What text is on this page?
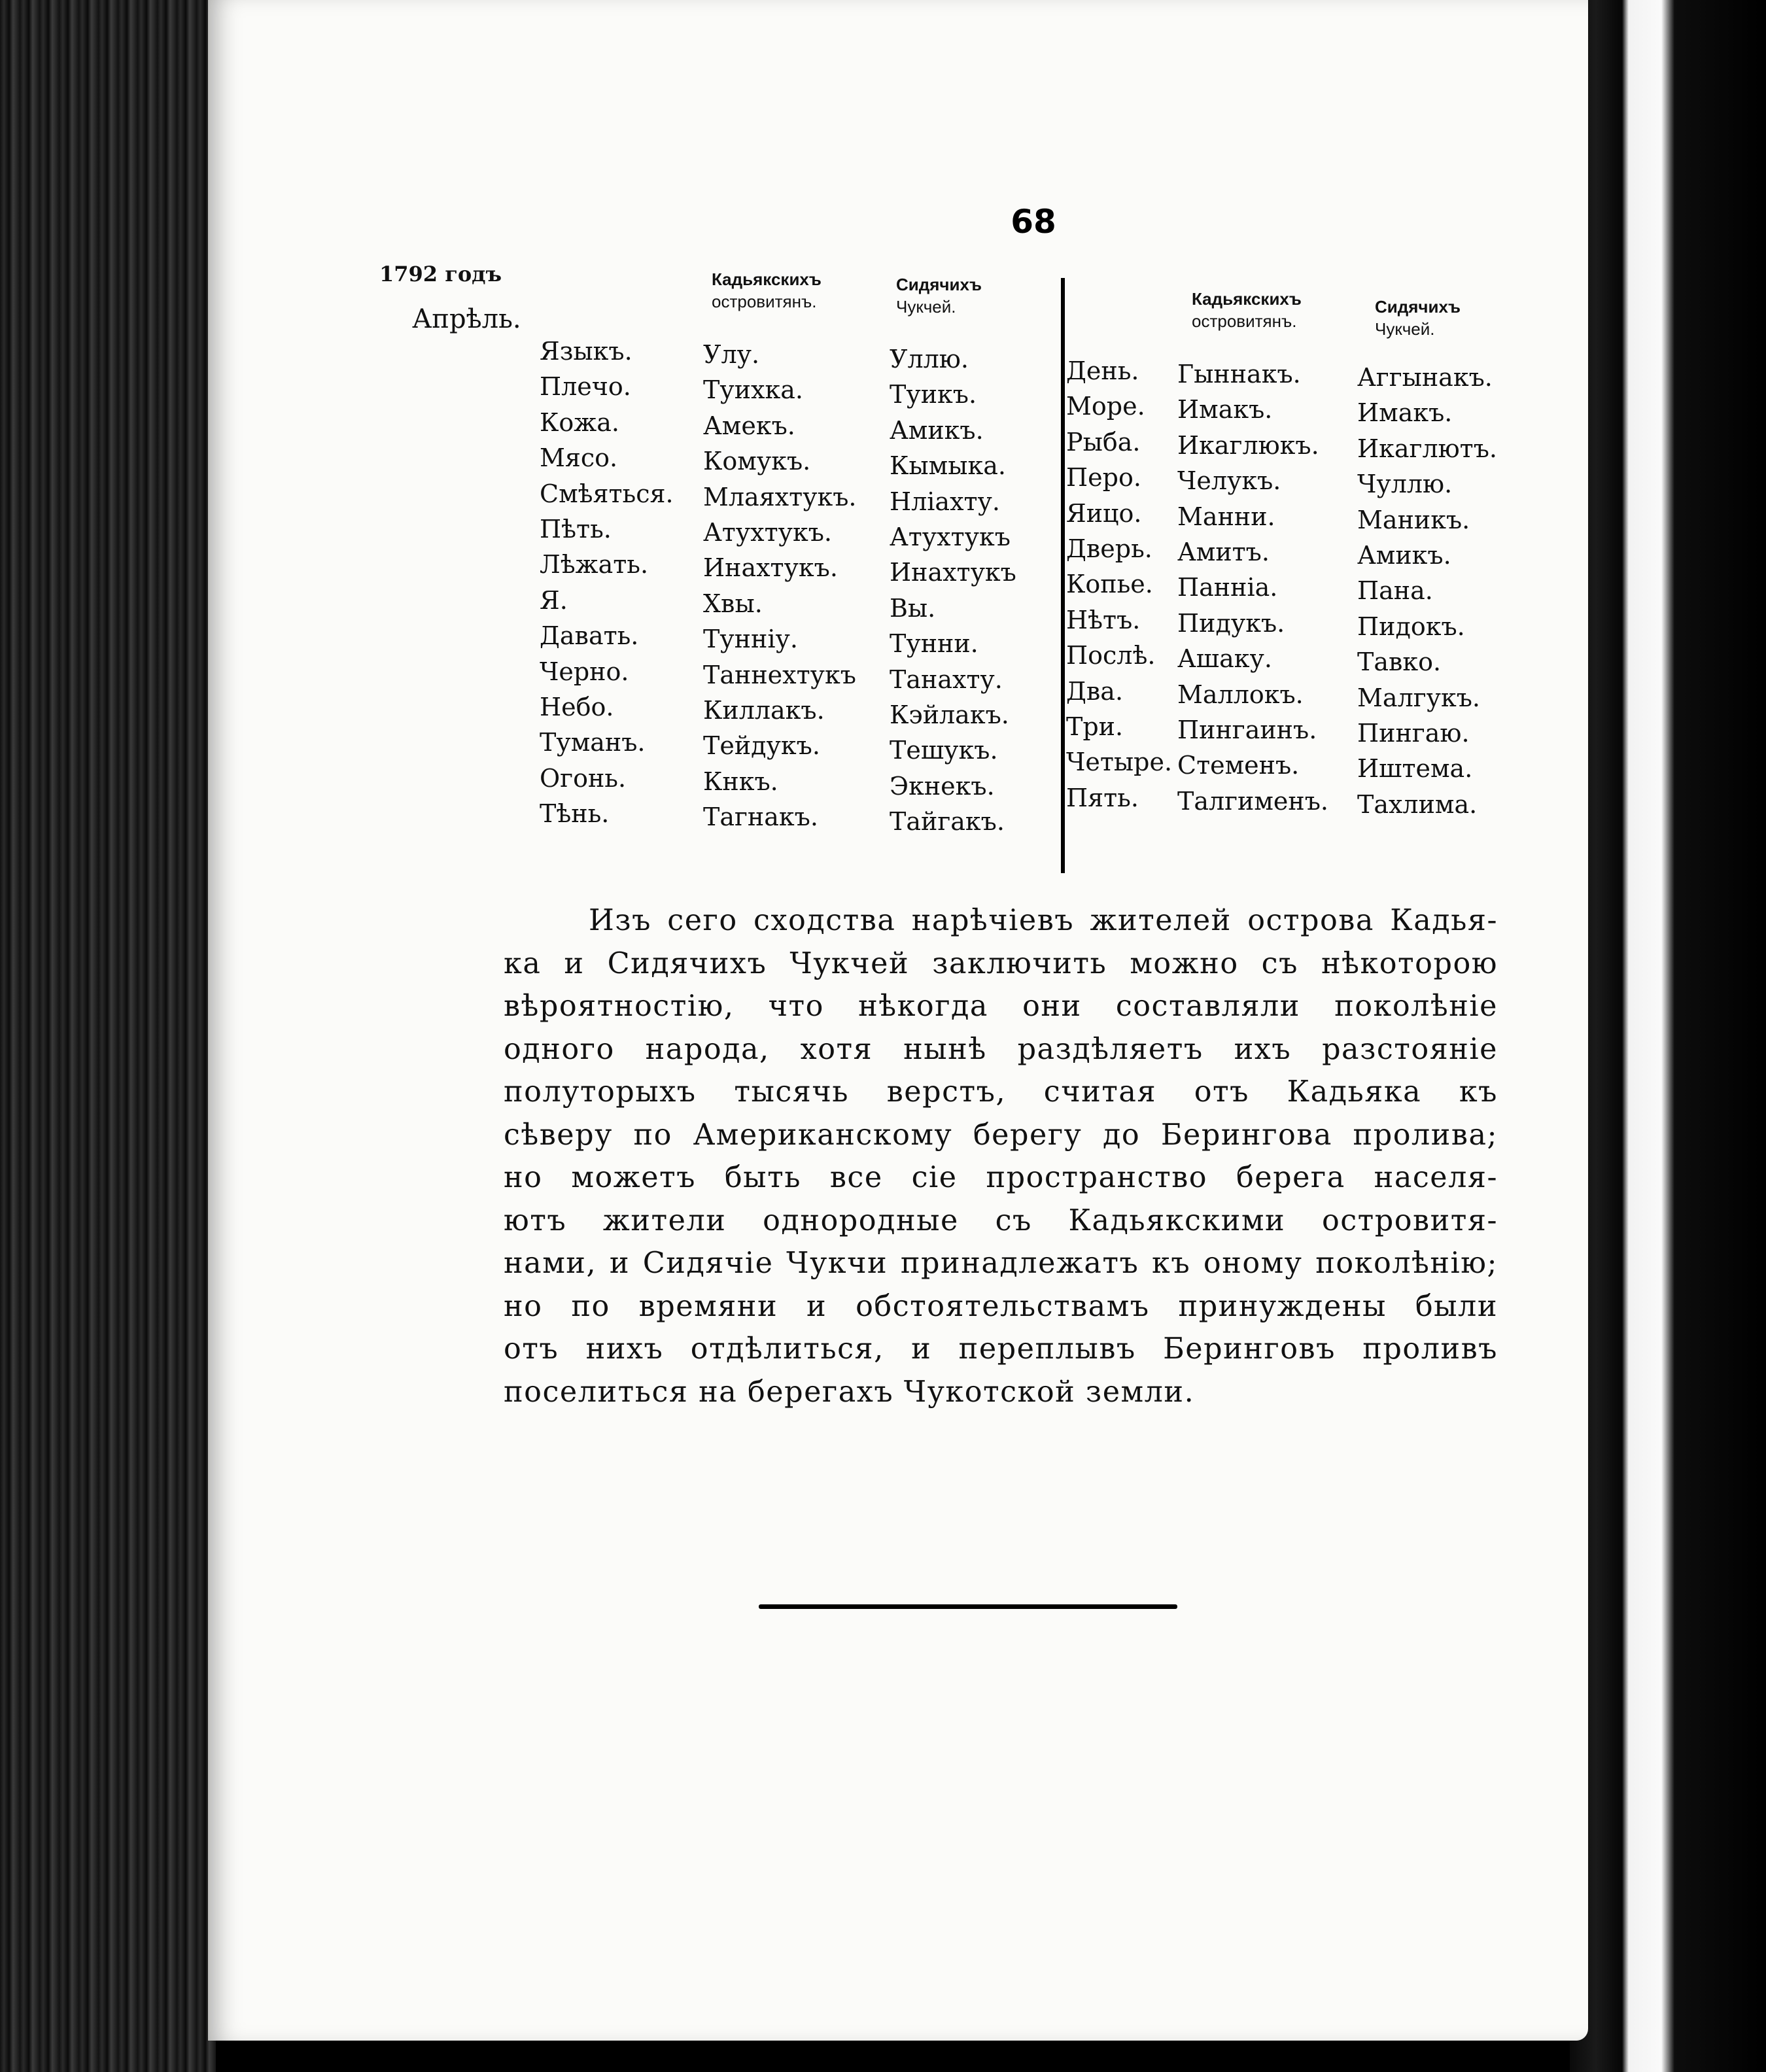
68
1792 годъ
Апрѣль.
Кадьякскихъ
остpовитянъ.
Сидячихъ
Чукчей.	Кадьякскихъ
остpовитянъ.
Сидячихъ
Чукчей.
Языкъ.
Плечо.
Кожа.
Мясо.
Смѣяться.
Пѣть.
Лѣжать.
Я.
Давать.
Черно.
Небо.
Туманъ.
Огонь.
Тѣнь.
Улу.
Туихка.
Амекъ.
Комукъ.
Млаяхтукъ.
Атухтукъ.
Инахтукъ.
Хвы.
Тунніу.
Таннехтукъ
Киллакъ.
Тейдукъ.
Кнкъ.
Тагнакъ.
Уллю.
Туикъ.
Амикъ.
Кымыка.
Нліахту.
Атухтукъ
Инахтукъ
Вы.
Тунни.
Танахту.
Кэйлакъ.
Тешукъ.
Экнекъ.
Тайгакъ.
День.
Море.
Рыба.
Перо.
Яицо.
Дверь.
Копье.
Нѣтъ.
Послѣ.
Два.
Три.
Четыре.
Пять.
Гыннакъ.
Имакъ.
Икаглюкъ.
Челукъ.
Манни.
Амитъ.
Панніа.
Пидукъ.
Ашаку.
Маллокъ.
Пингаинъ.
Стеменъ.
Талгименъ.
Аггынакъ.
Имакъ.
Икаглютъ.
Чуллю.
Маникъ.
Амикъ.
Пана.
Пидокъ.
Тавко.
Малгукъ.
Пингаю.
Иштема.
Тахлима.
Изъ сего сходства нарѣчіевъ жителей острова Кадья-
ка и Сидячихъ Чукчей заключить можно съ нѣкоторою
вѣроятностію, что нѣкогда они составляли поколѣніе
одного народа, хотя нынѣ раздѣляетъ ихъ разстояніе
полуторыхъ тысячь верстъ, считая отъ Кадьяка къ
сѣверу по Американскому берегу до Берингова пролива;
но можетъ быть все сіе пространство берега населя-
ютъ жители однородные съ Кадьякскими островитя-
нами, и Сидячіе Чукчи принадлежатъ къ оному поколѣнію;
но по времяни и обстоятельствамъ принуждены были
отъ нихъ отдѣлиться, и переплывъ Беринговъ проливъ
поселиться на берегахъ Чукотской земли.
